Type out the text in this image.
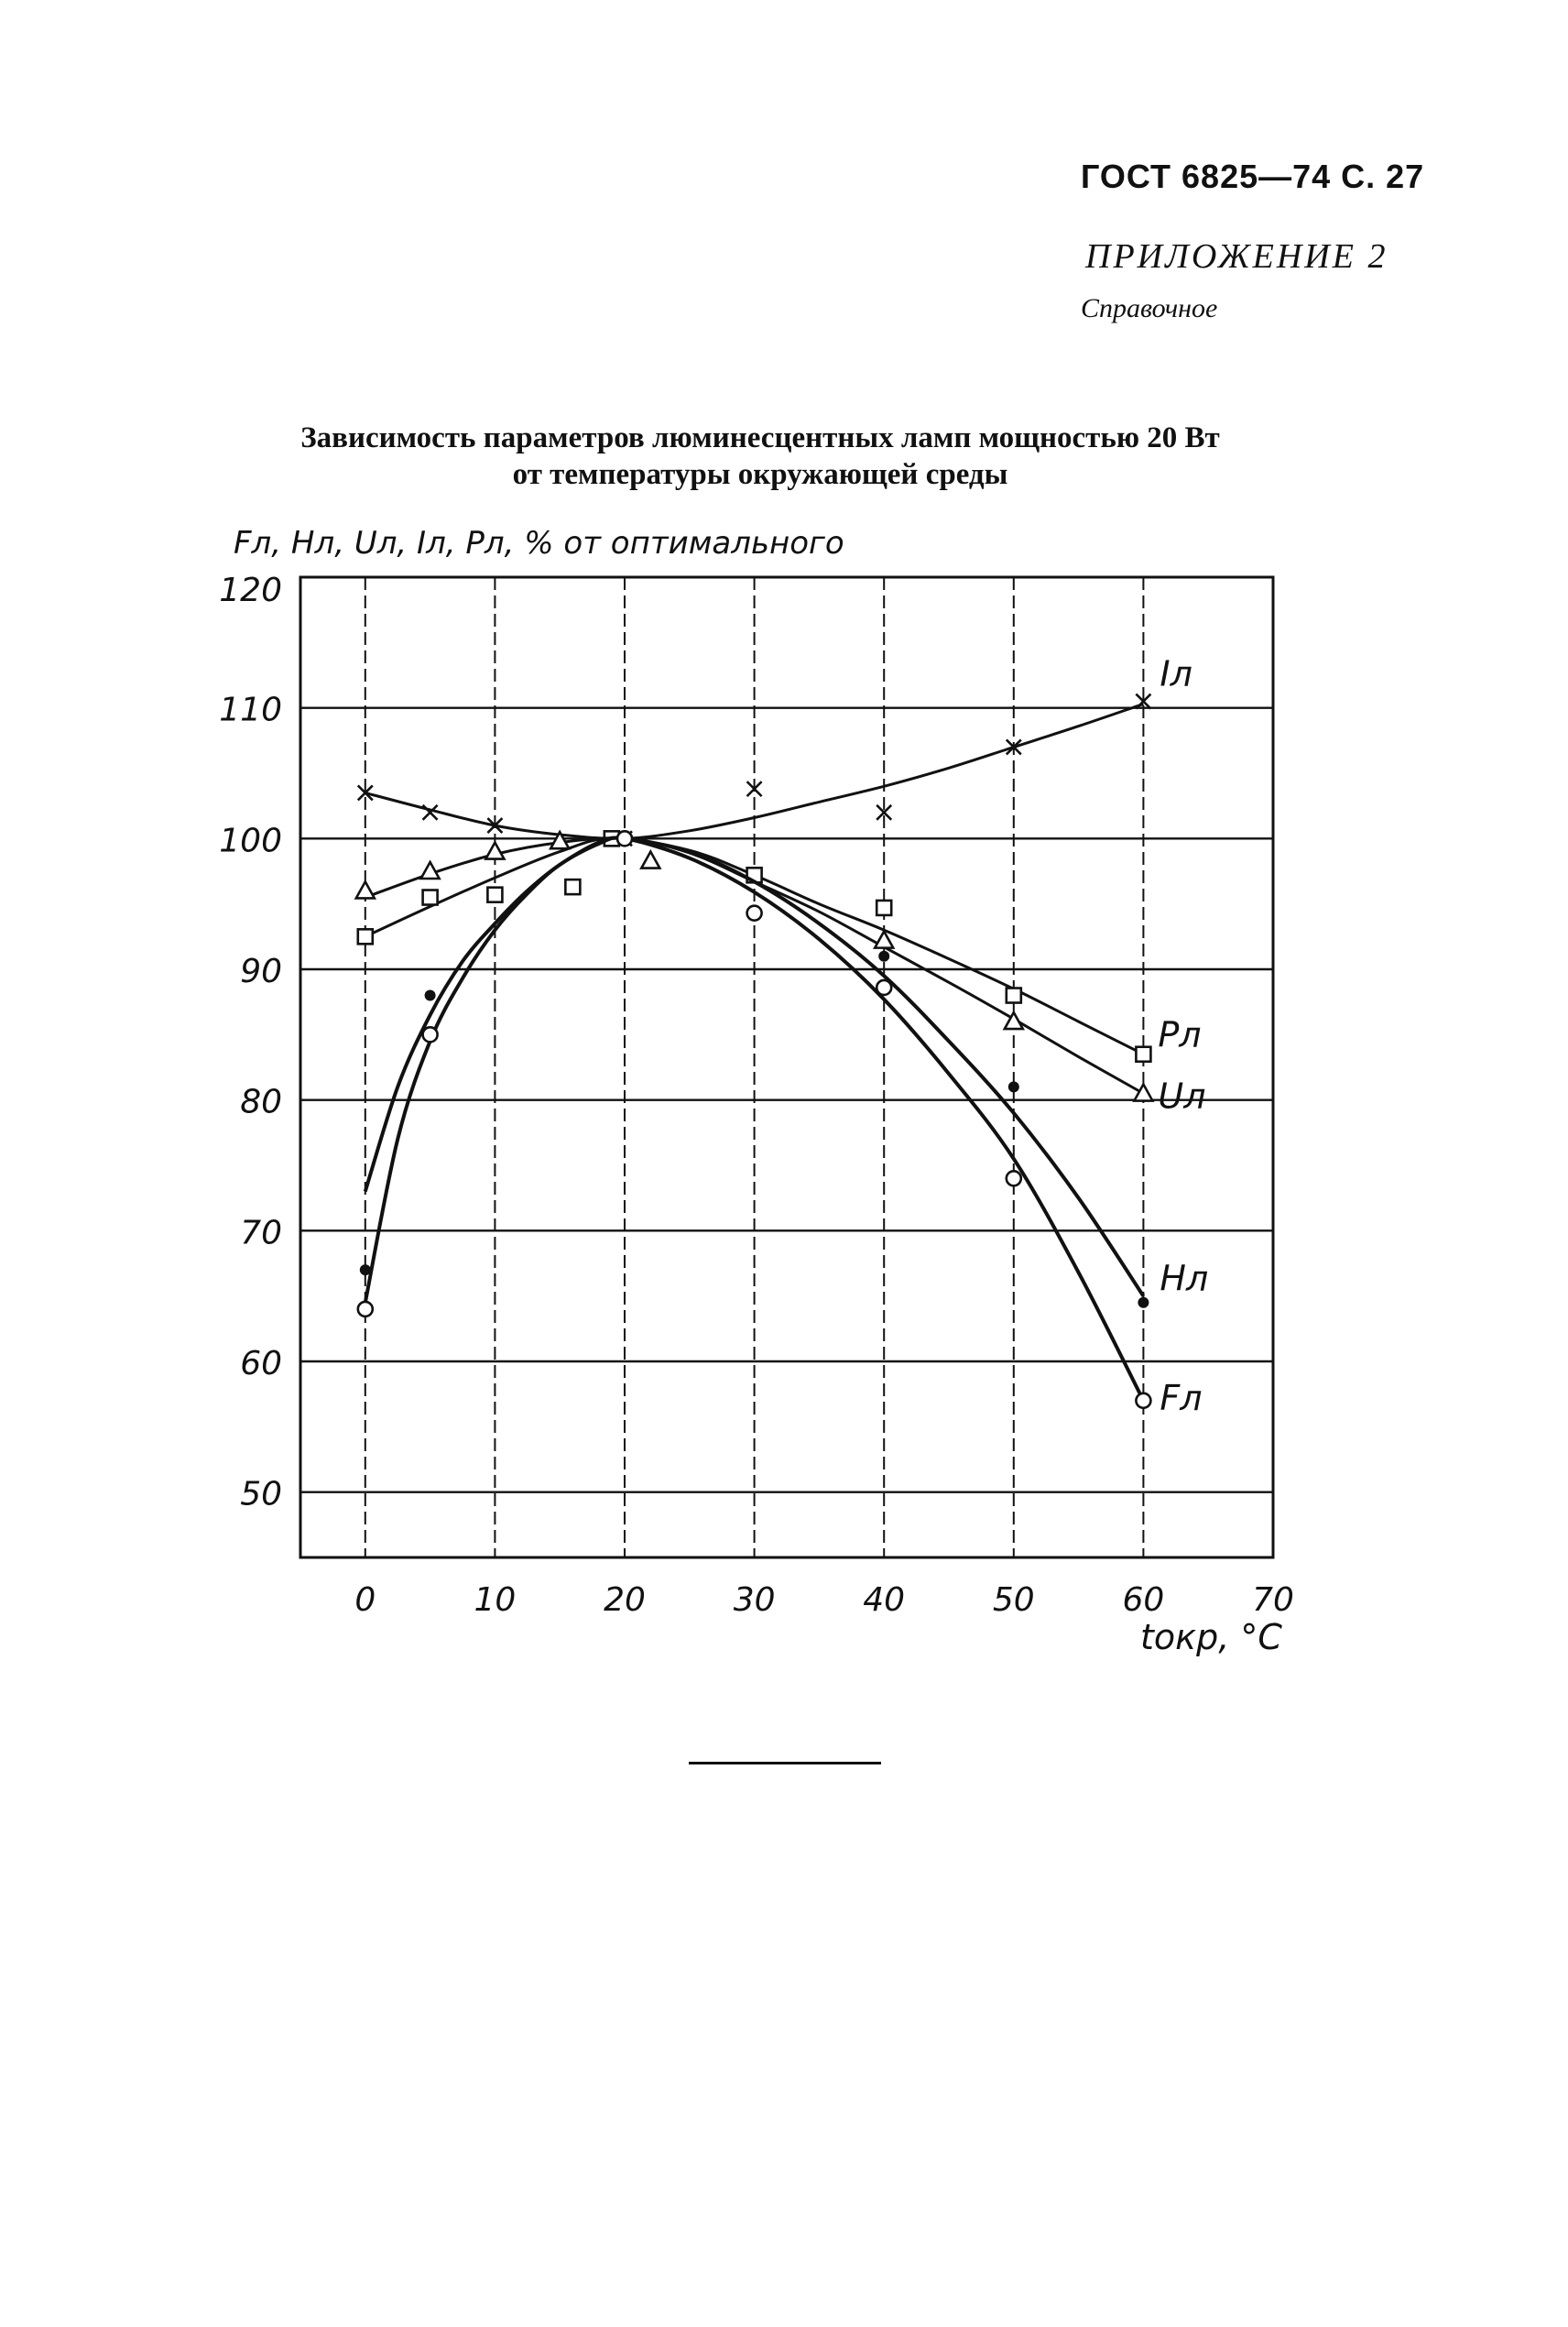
ГОСТ 6825—74 С. 27
ПРИЛОЖЕНИЕ 2
Справочное
Зависимость параметров люминесцентных ламп мощностью 20 Вт
от температуры окружающей среды
0	10	20	30	40	50	60	70
50
60
70
80
90
100
110
120
Fл, Hл, Uл, Iл, Pл, % от оптимального
tокр, °C
Iл
Pл
Uл
Hл
Fл
